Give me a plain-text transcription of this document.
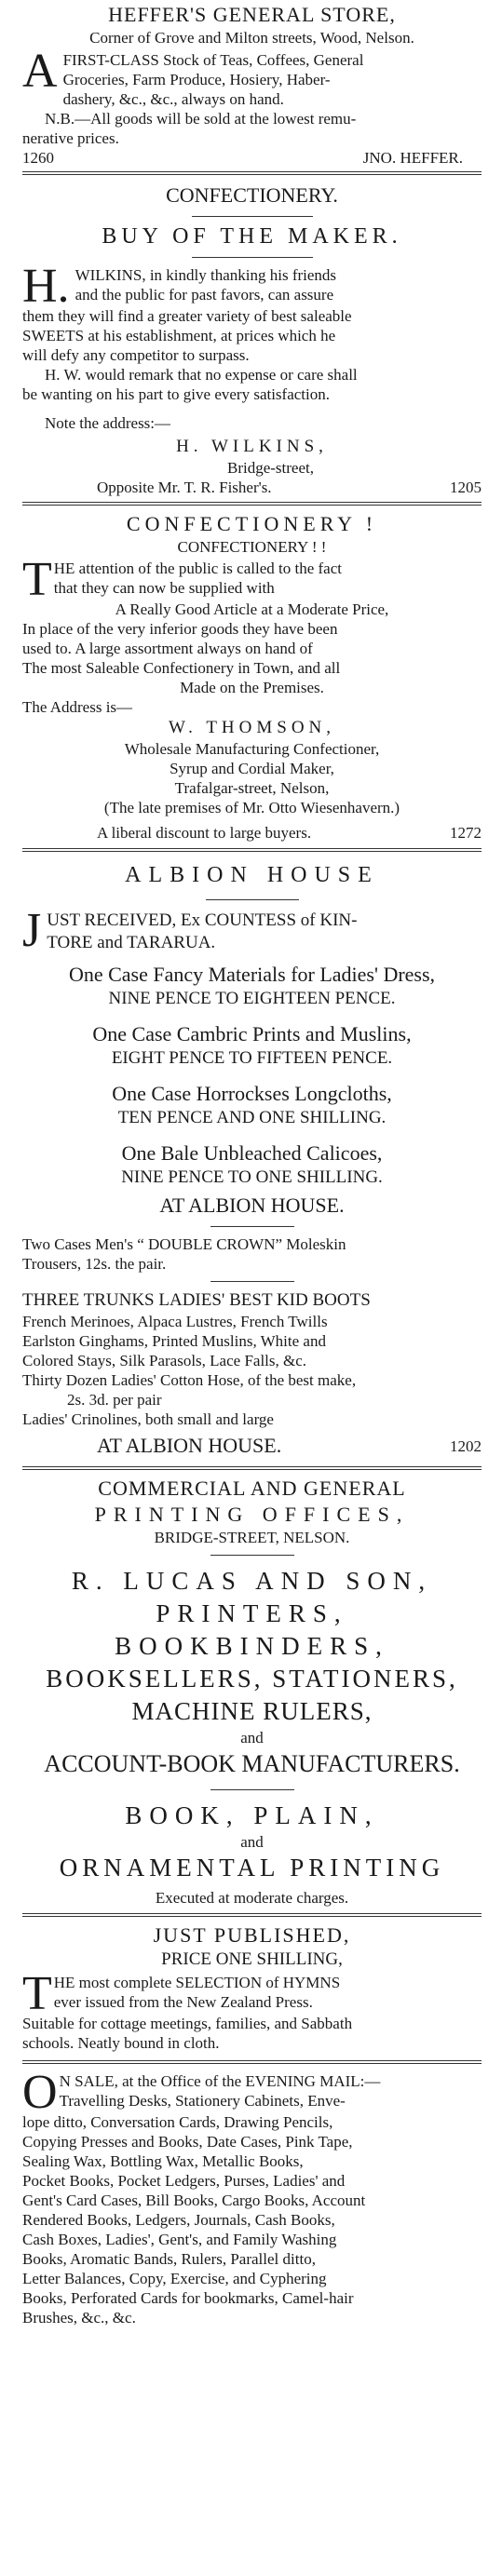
HEFFER'S GENERAL STORE,

Corner of Grove and Milton streets, Wood, Nelson.

A FIRST-CLASS Stock of Teas, Coffees, General

Groceries, Farm Produce, Hosiery, Haber-

dashery, &c., &c., always on hand.

N.B.—All goods will be sold at the lowest remu-

nerative prices.

1260	JNO. HEFFER.

CONFECTIONERY.

BUY OF THE MAKER.

H. WILKINS, in kindly thanking his friends

and the public for past favors, can assure

them they will find a greater variety of best saleable

SWEETS at his establishment, at prices which he

will defy any competitor to surpass.

H. W. would remark that no expense or care shall

be wanting on his part to give every satisfaction.

Note the address:—

H. WILKINS,

Bridge-street,

Opposite Mr. T. R. Fisher's.	1205

CONFECTIONERY !

CONFECTIONERY ! !

T HE attention of the public is called to the fact

that they can now be supplied with

A Really Good Article at a Moderate Price,

In place of the very inferior goods they have been

used to. A large assortment always on hand of

The most Saleable Confectionery in Town, and all

Made on the Premises.

The Address is—

W. THOMSON,

Wholesale Manufacturing Confectioner,

Syrup and Cordial Maker,

Trafalgar-street, Nelson,

(The late premises of Mr. Otto Wiesenhavern.)

A liberal discount to large buyers.	1272

ALBION HOUSE

J UST RECEIVED, Ex COUNTESS of KIN-

TORE and TARARUA.

One Case Fancy Materials for Ladies' Dress,

NINE PENCE TO EIGHTEEN PENCE.

One Case Cambric Prints and Muslins,

EIGHT PENCE TO FIFTEEN PENCE.

One Case Horrockses Longcloths,

TEN PENCE AND ONE SHILLING.

One Bale Unbleached Calicoes,

NINE PENCE TO ONE SHILLING.

AT ALBION HOUSE.

Two Cases Men's “ DOUBLE CROWN” Moleskin

Trousers, 12s. the pair.

THREE TRUNKS LADIES' BEST KID BOOTS

French Merinoes, Alpaca Lustres, French Twills

Earlston Ginghams, Printed Muslins, White and

Colored Stays, Silk Parasols, Lace Falls, &c.

Thirty Dozen Ladies' Cotton Hose, of the best make,

2s. 3d. per pair

Ladies' Crinolines, both small and large

AT ALBION HOUSE.	1202

COMMERCIAL AND GENERAL

PRINTING OFFICES,

BRIDGE-STREET, NELSON.

R. LUCAS AND SON,

PRINTERS,

BOOKBINDERS,

BOOKSELLERS, STATIONERS,

MACHINE RULERS,

and

ACCOUNT-BOOK MANUFACTURERS.

BOOK, PLAIN,

and

ORNAMENTAL PRINTING

Executed at moderate charges.

JUST PUBLISHED,

PRICE ONE SHILLING,

T HE most complete SELECTION of HYMNS

ever issued from the New Zealand Press.

Suitable for cottage meetings, families, and Sabbath

schools. Neatly bound in cloth.

O N SALE, at the Office of the EVENING MAIL:—

Travelling Desks, Stationery Cabinets, Enve-

lope ditto, Conversation Cards, Drawing Pencils,

Copying Presses and Books, Date Cases, Pink Tape,

Sealing Wax, Bottling Wax, Metallic Books,

Pocket Books, Pocket Ledgers, Purses, Ladies' and

Gent's Card Cases, Bill Books, Cargo Books, Account

Rendered Books, Ledgers, Journals, Cash Books,

Cash Boxes, Ladies', Gent's, and Family Washing

Books, Aromatic Bands, Rulers, Parallel ditto,

Letter Balances, Copy, Exercise, and Cyphering

Books, Perforated Cards for bookmarks, Camel-hair

Brushes, &c., &c.
